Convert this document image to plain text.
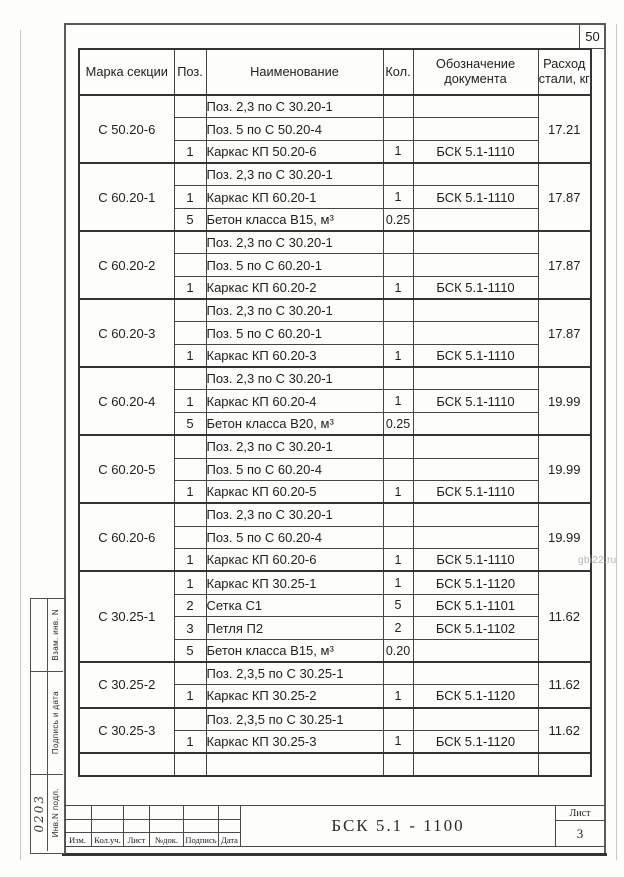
50
Марка секции	Поз.	Наименование	Кол.	Обозначение документа	Расход стали, кг
С 50.20-6		Поз. 2,3 по С 30.20-1			17.21
		Поз. 5 по С 50.20-4			
	1	Каркас КП 50.20-6	1	БСК 5.1-1110	
С 60.20-1		Поз. 2,3 по С 30.20-1			17.87
	1	Каркас КП 60.20-1	1	БСК 5.1-1110	
	5	Бетон класса В15, м³	0.25		
С 60.20-2		Поз. 2,3 по С 30.20-1			17.87
		Поз. 5 по С 60.20-1			
	1	Каркас КП 60.20-2	1	БСК 5.1-1110	
С 60.20-3		Поз. 2,3 по С 30.20-1			17.87
		Поз. 5 по С 60.20-1			
	1	Каркас КП 60.20-3	1	БСК 5.1-1110	
С 60.20-4		Поз. 2,3 по С 30.20-1			19.99
	1	Каркас КП 60.20-4	1	БСК 5.1-1110	
	5	Бетон класса В20, м³	0.25		
С 60.20-5		Поз. 2,3 по С 30.20-1			19.99
		Поз. 5 по С 60.20-4			
	1	Каркас КП 60.20-5	1	БСК 5.1-1110	
С 60.20-6		Поз. 2,3 по С 30.20-1			19.99
		Поз. 5 по С 60.20-4			
	1	Каркас КП 60.20-6	1	БСК 5.1-1110	
С 30.25-1	1	Каркас КП 30.25-1	1	БСК 5.1-1120	11.62
	2	Сетка С1	5	БСК 5.1-1101	
	3	Петля П2	2	БСК 5.1-1102	
	5	Бетон класса В15, м³	0.20		
С 30.25-2		Поз. 2,3,5 по С 30.25-1			11.62
	1	Каркас КП 30.25-2	1	БСК 5.1-1120	
С 30.25-3		Поз. 2,3,5 по С 30.25-1			11.62
	1	Каркас КП 30.25-3	1	БСК 5.1-1120	

gbi22.ru
Взам. инв. N
Подпись и дата
0203 Инв.N подл.
Изм. Кол.уч. Лист	№док. Подпись Дата
БСК 5.1 - 1100
Лист
3
